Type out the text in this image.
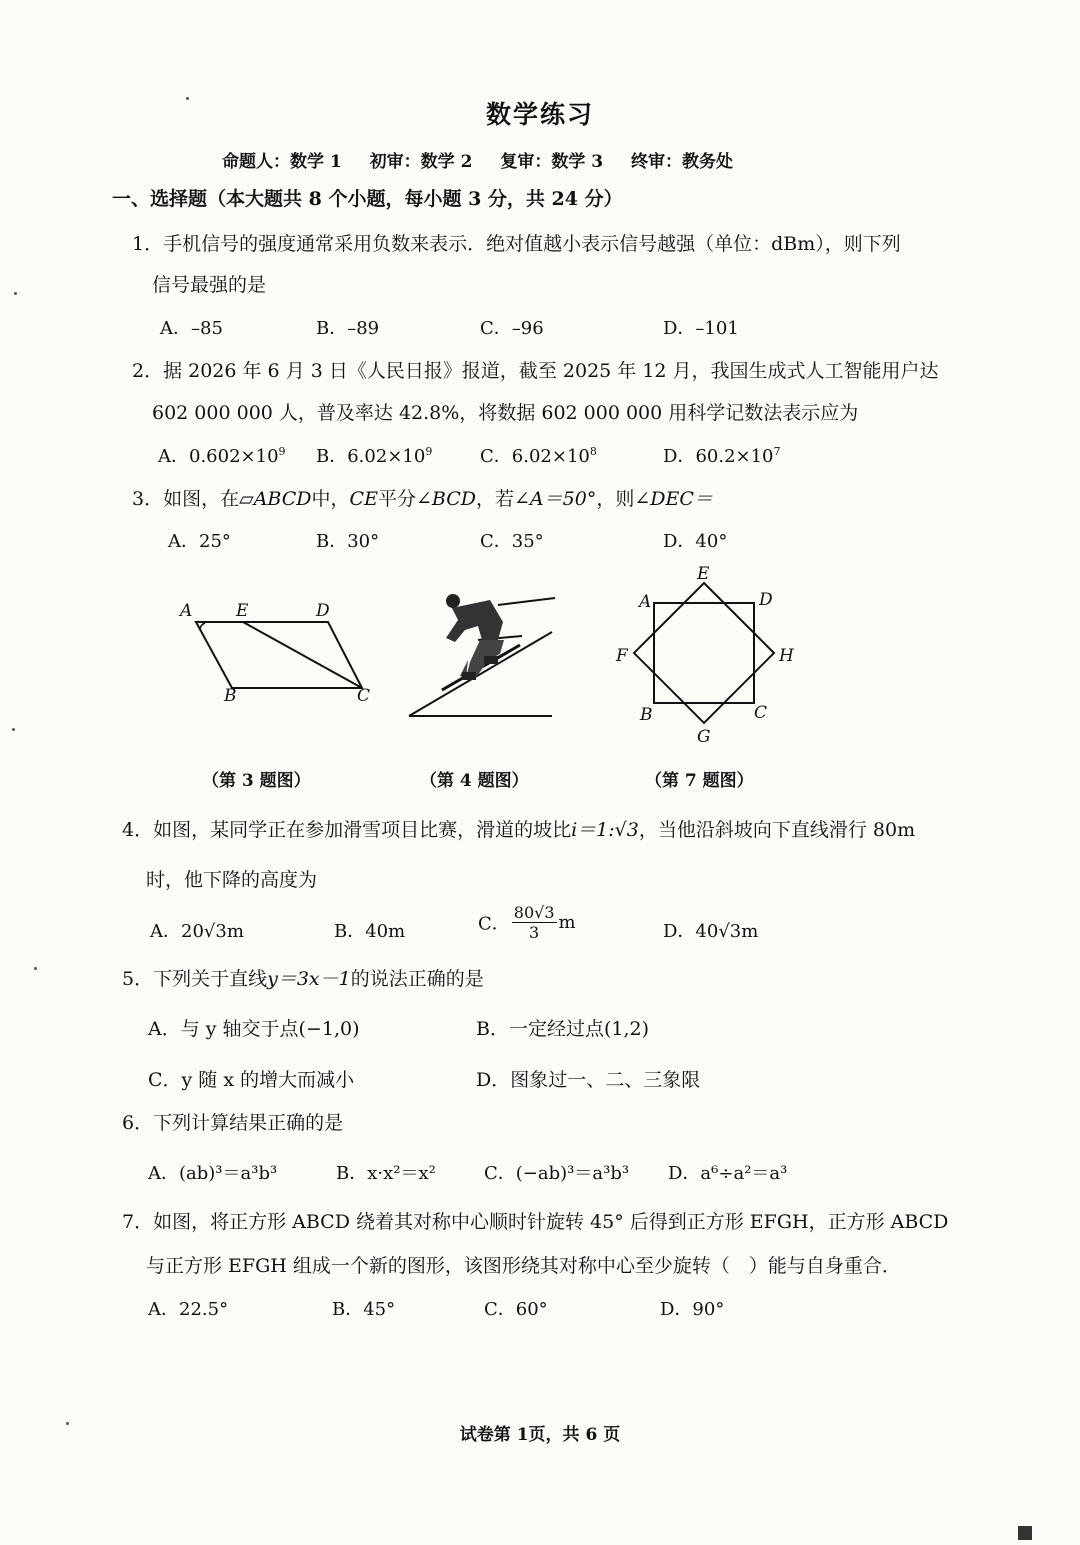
数学练习
命题人：数学 1 初审：数学 2 复审：数学 3 终审：教务处
一、选择题（本大题共 8 个小题，每小题 3 分，共 24 分）
1．手机信号的强度通常采用负数来表示．绝对值越小表示信号越强（单位：dBm），则下列
信号最强的是
A．–85	B．–89	C．–96	D．–101
2．据 2026 年 6 月 3 日《人民日报》报道，截至 2025 年 12 月，我国生成式人工智能用户达
602 000 000 人，普及率达 42.8%，将数据 602 000 000 用科学记数法表示应为
A．$0.602\times 10^9$ B．$6.02\times 10^9$	C．$6.02\times 10^8$	D．$60.2\times 10^7$
3．如图，在▱ABCD中，CE平分∠BCD，若∠A＝50°，则∠DEC＝
A．25°	B．30°	C．35°	D．40°
A	E	D
B	C
A	D
E
F	H
B	C
G
（第 3 题图）	（第 4 题图）	（第 7 题图）
4．如图，某同学正在参加滑雪项目比赛，滑道的坡比i＝1:√3，当他沿斜坡向下直线滑行 80m
时，他下降的高度为
A．20√3m	B．40m	C． $\frac{80√3}{3}$ m	D．40√3m
5．下列关于直线y＝3x－1的说法正确的是
A．与 y 轴交于点(−1,0)	B．一定经过点(1,2)
C．y 随 x 的增大而减小	D．图象过一、二、三象限
6．下列计算结果正确的是
A．(ab)³＝a³b³	B．x·x²＝x²	C．(−ab)³＝a³b³ D．a⁶÷a²＝a³
7．如图，将正方形 ABCD 绕着其对称中心顺时针旋转 45° 后得到正方形 EFGH，正方形 ABCD
与正方形 EFGH 组成一个新的图形，该图形绕其对称中心至少旋转（　）能与自身重合．
A．22.5°	B．45°	C．60°	D．90°
试卷第 1页，共 6 页
